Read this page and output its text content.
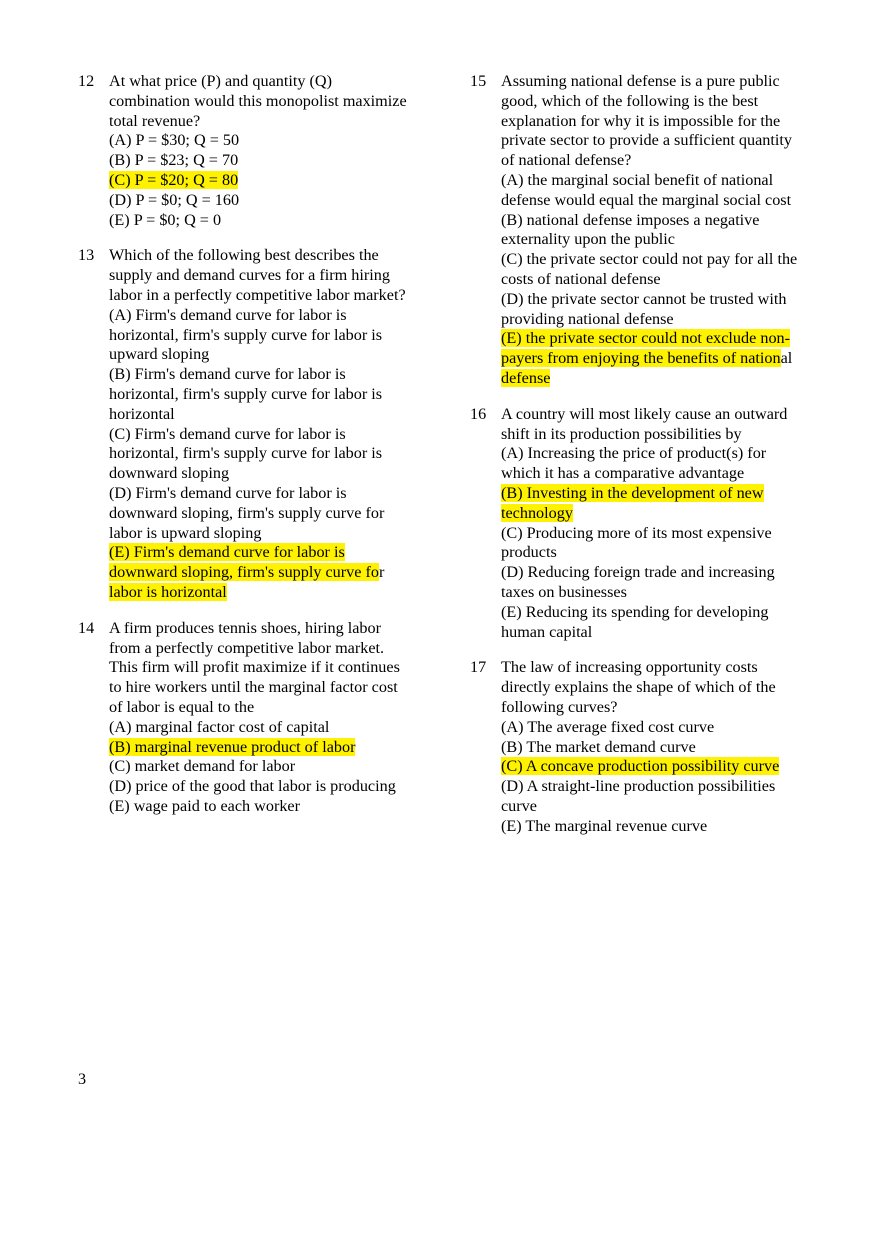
12 At what price (P) and quantity (Q)
combination would this monopolist maximize
total revenue?
(A) P = $30; Q = 50
(B) P = $23; Q = 70
(C) P = $20; Q = 80
(D) P = $0; Q = 160
(E) P = $0; Q = 0
13 Which of the following best describes the
supply and demand curves for a firm hiring
labor in a perfectly competitive labor market?
(A) Firm's demand curve for labor is
horizontal, firm's supply curve for labor is
upward sloping
(B) Firm's demand curve for labor is
horizontal, firm's supply curve for labor is
horizontal
(C) Firm's demand curve for labor is
horizontal, firm's supply curve for labor is
downward sloping
(D) Firm's demand curve for labor is
downward sloping, firm's supply curve for
labor is upward sloping
(E) Firm's demand curve for labor is
downward sloping, firm's supply curve for
labor is horizontal
14 A firm produces tennis shoes, hiring labor
from a perfectly competitive labor market.
This firm will profit maximize if it continues
to hire workers until the marginal factor cost
of labor is equal to the
(A) marginal factor cost of capital
(B) marginal revenue product of labor
(C) market demand for labor
(D) price of the good that labor is producing
(E) wage paid to each worker
15 Assuming national defense is a pure public
good, which of the following is the best
explanation for why it is impossible for the
private sector to provide a sufficient quantity
of national defense?
(A) the marginal social benefit of national
defense would equal the marginal social cost
(B) national defense imposes a negative
externality upon the public
(C) the private sector could not pay for all the
costs of national defense
(D) the private sector cannot be trusted with
providing national defense
(E) the private sector could not exclude non-
payers from enjoying the benefits of national
defense
16 A country will most likely cause an outward
shift in its production possibilities by
(A) Increasing the price of product(s) for
which it has a comparative advantage
(B) Investing in the development of new
technology
(C) Producing more of its most expensive
products
(D) Reducing foreign trade and increasing
taxes on businesses
(E) Reducing its spending for developing
human capital
17 The law of increasing opportunity costs
directly explains the shape of which of the
following curves?
(A) The average fixed cost curve
(B) The market demand curve
(C) A concave production possibility curve
(D) A straight-line production possibilities
curve
(E) The marginal revenue curve
3
